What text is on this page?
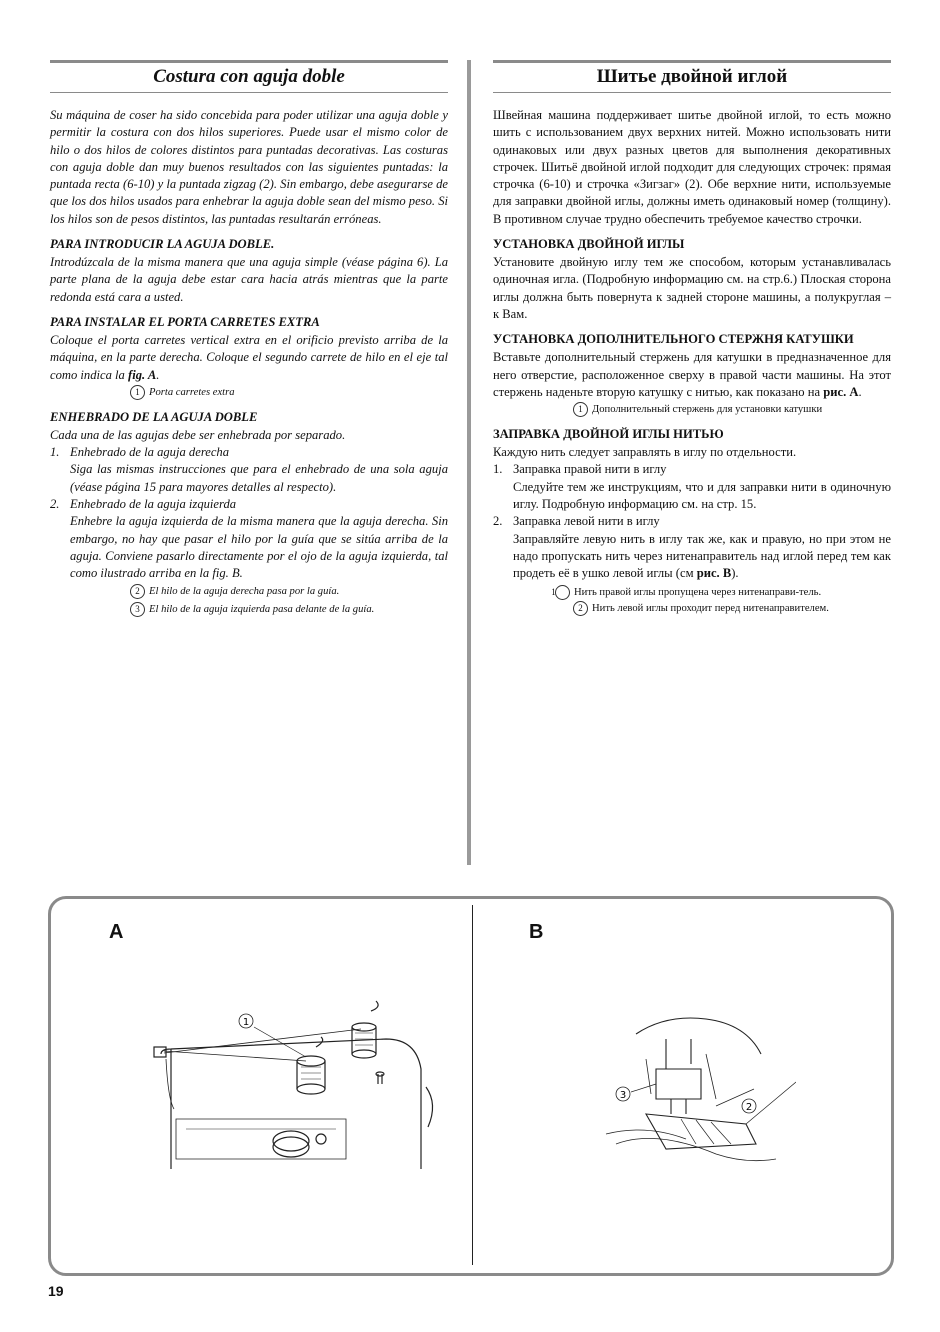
Costura con aguja doble

Su máquina de coser ha sido concebida para poder utilizar una aguja doble y permitir la costura con dos hilos superiores. Puede usar el mismo color de hilo o dos hilos de colores distintos para puntadas decorativas. Las costuras con aguja doble dan muy buenos resultados con las siguientes puntadas: la puntada recta (6-10) y la puntada zigzag (2). Sin embargo, debe asegurarse de que los dos hilos usados para enhebrar la aguja doble sean del mismo peso. Si los hilos son de pesos distintos, las puntadas resultarán erróneas.

PARA INTRODUCIR LA AGUJA DOBLE.

Introdúzcala de la misma manera que una aguja simple (véase página 6). La parte plana de la aguja debe estar cara hacia atrás mientras que la parte redonda está cara a usted.

PARA INSTALAR EL PORTA CARRETES EXTRA

Coloque el porta carretes vertical extra en el orificio previsto arriba de la máquina, en la parte derecha. Coloque el segundo carrete de hilo en el eje tal como indica la fig. A.

1 Porta carretes extra
ENHEBRADO DE LA AGUJA DOBLE

Cada una de las agujas debe ser enhebrada por separado.

1. Enhebrado de la aguja derecha
Siga las mismas instrucciones que para el enhebrado de una sola aguja (véase página 15 para mayores detalles al respecto).
2. Enhebrado de la aguja izquierda
Enhebre la aguja izquierda de la misma manera que la aguja derecha. Sin embargo, no hay que pasar el hilo por la guía que se sitúa arriba de la aguja. Conviene pasarlo directamente por el ojo de la aguja izquierda, tal como ilustrado arriba en la fig. B.
2 El hilo de la aguja derecha pasa por la guía.
3 El hilo de la aguja izquierda pasa delante de la guía.
Шитье двойной иглой

Швейная машина поддерживает шитье двойной иглой, то есть можно шить с использованием двух верхних нитей. Можно использовать нити одинаковых или двух разных цветов для выполнения декоративных строчек. Шитьё двойной иглой подходит для следующих строчек: прямая строчка (6-10) и строчка «Зигзаг» (2). Обе верхние нити, используемые для заправки двойной иглы, должны иметь одинаковый номер (толщину). В противном случае трудно обеспечить требуемое качество строчки.

УСТАНОВКА ДВОЙНОЙ ИГЛЫ

Установите двойную иглу тем же способом, которым устанавливалась одиночная игла. (Подробную информацию см. на стр.6.) Плоская сторона иглы должна быть повернута к задней стороне машины, а полукруглая – к Вам.

УСТАНОВКА ДОПОЛНИТЕЛЬНОГО СТЕРЖНЯ КАТУШКИ

Вставьте дополнительный стержень для катушки в предназначенное для него отверстие, расположенное сверху в правой части машины. На этот стержень наденьте вторую катушку с нитью, как показано на рис. А.

1 Дополнительный стержень для установки катушки
ЗАПРАВКА ДВОЙНОЙ ИГЛЫ НИТЬЮ

Каждую нить следует заправлять в иглу по отдельности.

1. Заправка правой нити в иглу
Следуйте тем же инструкциям, что и для заправки нити в одиночную иглу. Подробную информацию см. на стр. 15.
2. Заправка левой нити в иглу
Заправляйте левую нить в иглу так же, как и правую, но при этом не надо пропускать нить через нитенаправитель над иглой перед тем как продеть её в ушко левой иглы (см рис. В).
1 Нить правой иглы пропущена через нитенаправи-тель.
2 Нить левой иглы проходит перед нитенаправителем.
A	B
1
3
2
19
